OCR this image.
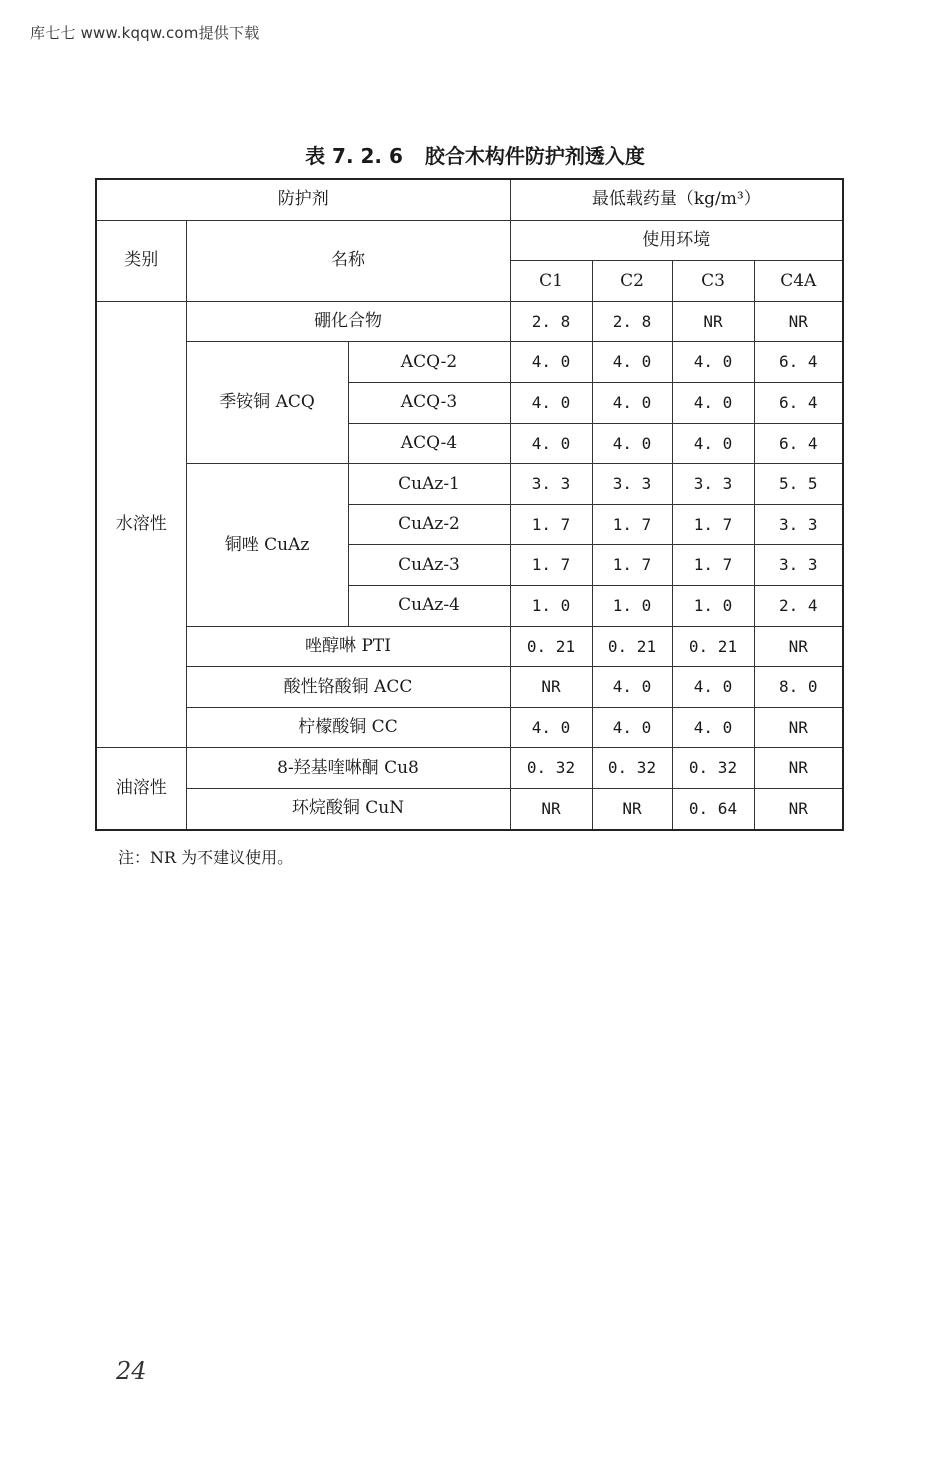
库七七 www.kqqw.com提供下载
表 7. 2. 6 胶合木构件防护剂透入度
防护剂			最低载药量（kg/m³）			
类别	名称		使用环境			
			C1	C2	C3	C4A
水溶性	硼化合物		2. 8	2. 8	NR	NR
	季铵铜 ACQ	ACQ-2	4. 0	4. 0	4. 0	6. 4
		ACQ-3	4. 0	4. 0	4. 0	6. 4
		ACQ-4	4. 0	4. 0	4. 0	6. 4
	铜唑 CuAz	CuAz-1	3. 3	3. 3	3. 3	5. 5
		CuAz-2	1. 7	1. 7	1. 7	3. 3
		CuAz-3	1. 7	1. 7	1. 7	3. 3
		CuAz-4	1. 0	1. 0	1. 0	2. 4
	唑醇啉 PTI		0. 21	0. 21	0. 21	NR
	酸性铬酸铜 ACC		NR	4. 0	4. 0	8. 0
	柠檬酸铜 CC		4. 0	4. 0	4. 0	NR
油溶性	8-羟基喹啉酮 Cu8		0. 32	0. 32	0. 32	NR
	环烷酸铜 CuN		NR	NR	0. 64	NR
注：NR 为不建议使用。
24
